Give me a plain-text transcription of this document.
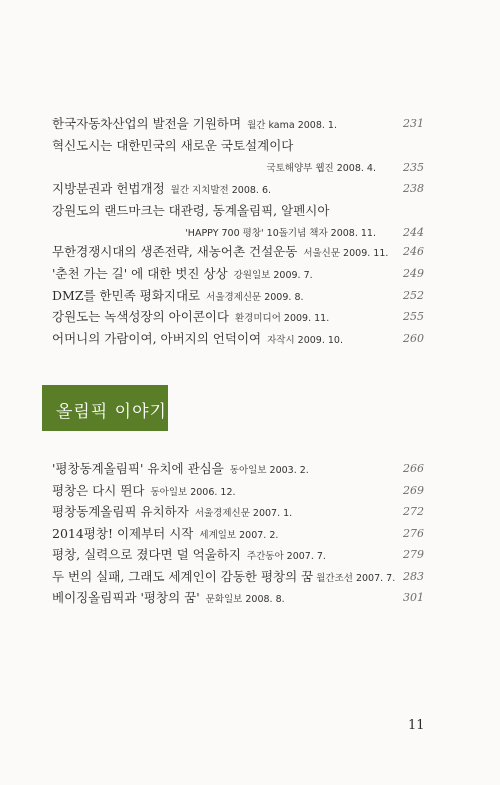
한국자동차산업의 발전을 기원하며 월간 kama 2008. 1.	231
혁신도시는 대한민국의 새로운 국토설계이다
국토해양부 웹진 2008. 4. 235
지방분권과 헌법개정 월간 지치발전 2008. 6.	238
강원도의 랜드마크는 대관령, 동계올림픽, 알펜시아
'HAPPY 700 평창' 10돌기념 책자 2008. 11. 244
무한경쟁시대의 생존전략, 새농어촌 건설운동 서울신문 2009. 11. 246
'춘천 가는 길' 에 대한 벗진 상상 강원일보 2009. 7.	249
DMZ를 한민족 평화지대로 서울경제신문 2009. 8.	252
강원도는 녹색성장의 아이콘이다 환경미디어 2009. 11.	255
어머니의 가람이여, 아버지의 언덕이여 자작시 2009. 10.	260
올림픽 이야기
'평창동계올림픽' 유치에 관심을 동아일보 2003. 2.	266
평창은 다시 뛴다 동아일보 2006. 12.	269
평창동계올림픽 유치하자 서울경제신문 2007. 1.	272
2014평창! 이제부터 시작 세계일보 2007. 2.	276
평창, 실력으로 졌다면 덜 억울하지 주간동아 2007. 7.	279
두 번의 실패, 그래도 세계인이 감동한 평창의 꿈 월간조선 2007. 7. 283
베이징올림픽과 '평창의 꿈' 문화일보 2008. 8.	301
11
